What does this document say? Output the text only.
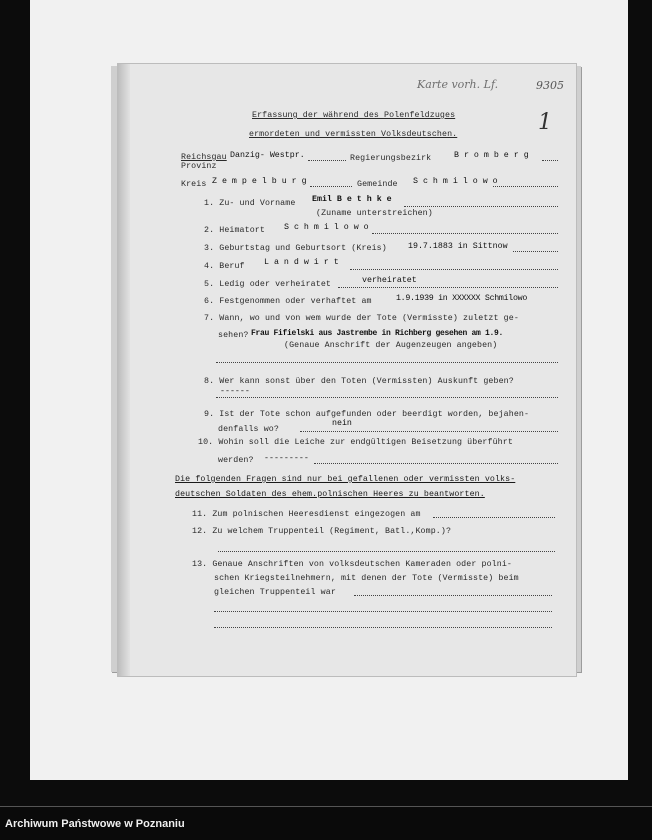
Karte vorh. Lf.	9305
1
Erfassung der während des Polenfeldzuges
ermordeten und vermissten Volksdeutschen.
Reichsgau
Provinz
Danzig- Westpr.	Regierungsbezirk	B r o m b e r g
Kreis Z e m p e l b u r g	Gemeinde S c h m i l o w o
1. Zu- und Vorname Emil B e t h k e
(Zuname unterstreichen)
2. Heimatort S c h m i l o w o
3. Geburtstag und Geburtsort (Kreis)	19.7.1883 in Sittnow
4. Beruf L a n d w i r t
5. Ledig oder verheiratet	verheiratet
6. Festgenommen oder verhaftet am	1.9.1939 in XXXXXX Schmilowo
7. Wann, wo und von wem wurde der Tote (Vermisste) zuletzt ge-
sehen? Frau Fifielski aus Jastrembe in Richberg gesehen am 1.9.
(Genaue Anschrift der Augenzeugen angeben)
8. Wer kann sonst über den Toten (Vermissten) Auskunft geben?
------
9. Ist der Tote schon aufgefunden oder beerdigt worden, bejahen-
denfalls wo?
nein
10. Wohin soll die Leiche zur endgültigen Beisetzung überführt
werden? ---------
Die folgenden Fragen sind nur bei gefallenen oder vermissten volks-
deutschen Soldaten des ehem.polnischen Heeres zu beantworten.
11. Zum polnischen Heeresdienst eingezogen am
12. Zu welchem Truppenteil (Regiment, Batl.,Komp.)?
13. Genaue Anschriften von volksdeutschen Kameraden oder polni-
schen Kriegsteilnehmern, mit denen der Tote (Vermisste) beim
gleichen Truppenteil war
Archiwum Państwowe w Poznaniu
